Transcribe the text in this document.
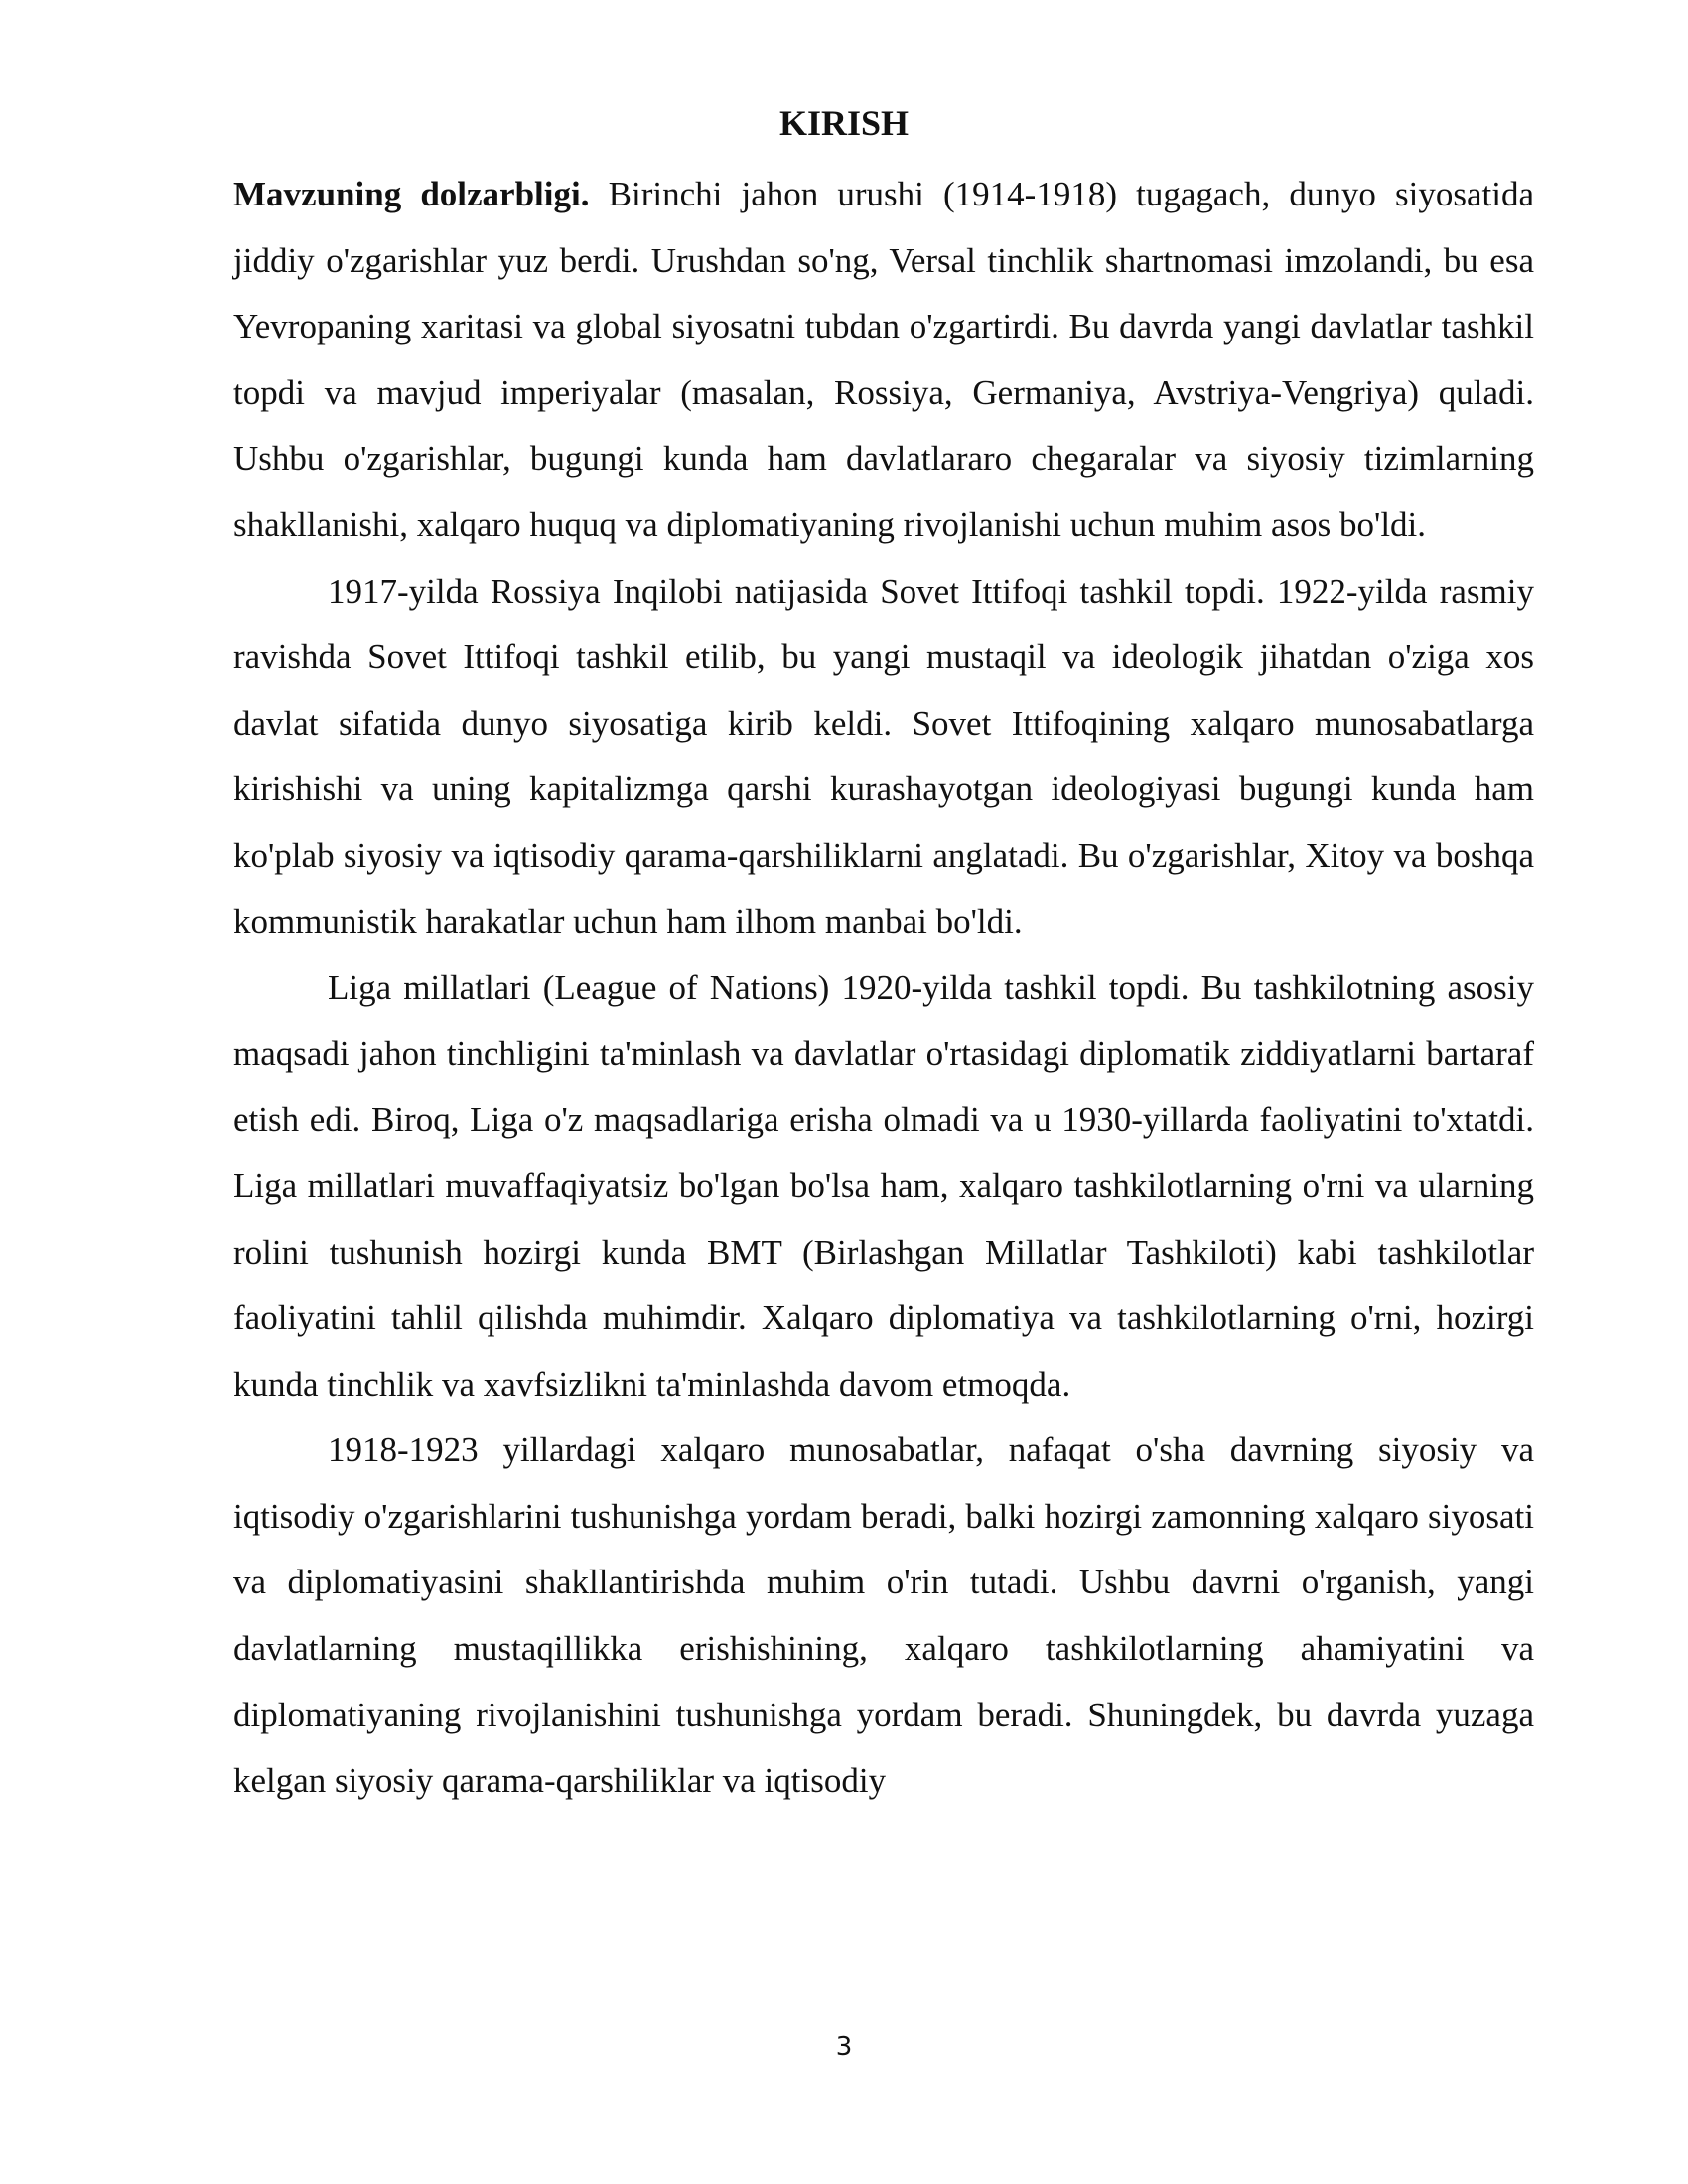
KIRISH

Mavzuning dolzarbligi. Birinchi jahon urushi (1914-1918) tugagach, dunyo siyosatida jiddiy o'zgarishlar yuz berdi. Urushdan so'ng, Versal tinchlik shartnomasi imzolandi, bu esa Yevropaning xaritasi va global siyosatni tubdan o'zgartirdi. Bu davrda yangi davlatlar tashkil topdi va mavjud imperiyalar (masalan, Rossiya, Germaniya, Avstriya-Vengriya) quladi. Ushbu o'zgarishlar, bugungi kunda ham davlatlararo chegaralar va siyosiy tizimlarning shakllanishi, xalqaro huquq va diplomatiyaning rivojlanishi uchun muhim asos bo'ldi.

1917-yilda Rossiya Inqilobi natijasida Sovet Ittifoqi tashkil topdi. 1922-yilda rasmiy ravishda Sovet Ittifoqi tashkil etilib, bu yangi mustaqil va ideologik jihatdan o'ziga xos davlat sifatida dunyo siyosatiga kirib keldi. Sovet Ittifoqining xalqaro munosabatlarga kirishishi va uning kapitalizmga qarshi kurashayotgan ideologiyasi bugungi kunda ham ko'plab siyosiy va iqtisodiy qarama-qarshiliklarni anglatadi. Bu o'zgarishlar, Xitoy va boshqa kommunistik harakatlar uchun ham ilhom manbai bo'ldi.

Liga millatlari (League of Nations) 1920-yilda tashkil topdi. Bu tashkilotning asosiy maqsadi jahon tinchligini ta'minlash va davlatlar o'rtasidagi diplomatik ziddiyatlarni bartaraf etish edi. Biroq, Liga o'z maqsadlariga erisha olmadi va u 1930-yillarda faoliyatini to'xtatdi. Liga millatlari muvaffaqiyatsiz bo'lgan bo'lsa ham, xalqaro tashkilotlarning o'rni va ularning rolini tushunish hozirgi kunda BMT (Birlashgan Millatlar Tashkiloti) kabi tashkilotlar faoliyatini tahlil qilishda muhimdir. Xalqaro diplomatiya va tashkilotlarning o'rni, hozirgi kunda tinchlik va xavfsizlikni ta'minlashda davom etmoqda.

1918-1923 yillardagi xalqaro munosabatlar, nafaqat o'sha davrning siyosiy va iqtisodiy o'zgarishlarini tushunishga yordam beradi, balki hozirgi zamonning xalqaro siyosati va diplomatiyasini shakllantirishda muhim o'rin tutadi. Ushbu davrni o'rganish, yangi davlatlarning mustaqillikka erishishining, xalqaro tashkilotlarning ahamiyatini va diplomatiyaning rivojlanishini tushunishga yordam beradi. Shuningdek, bu davrda yuzaga kelgan siyosiy qarama-qarshiliklar va iqtisodiy

3
